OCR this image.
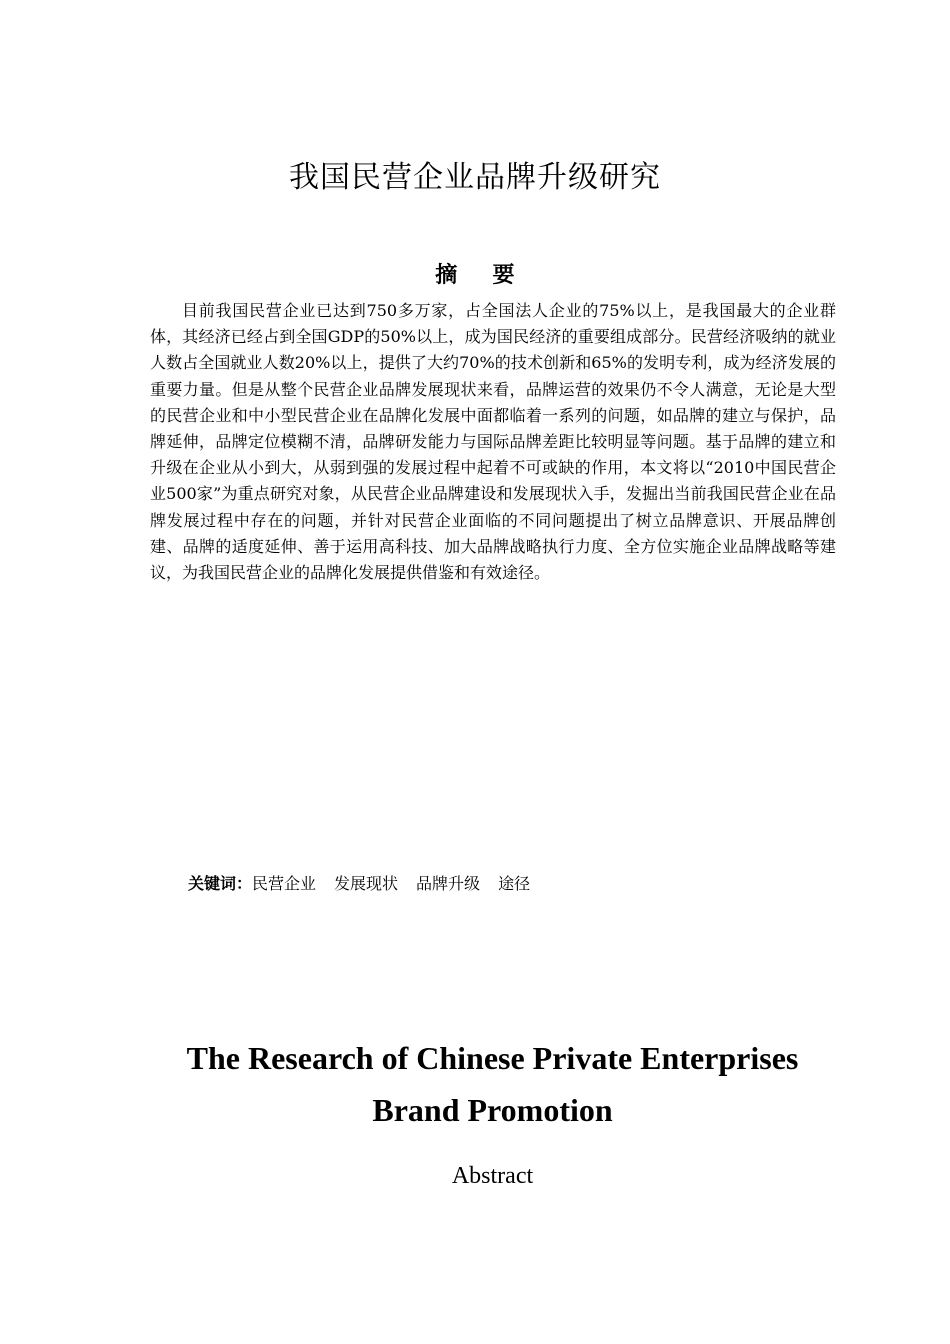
我国民营企业品牌升级研究
摘要

目前我国民营企业已达到750多万家，占全国法人企业的75%以上，是我国最大的企业群体，其经济已经占到全国GDP的50%以上，成为国民经济的重要组成部分。民营经济吸纳的就业人数占全国就业人数20%以上，提供了大约70%的技术创新和65%的发明专利，成为经济发展的重要力量。但是从整个民营企业品牌发展现状来看，品牌运营的效果仍不令人满意，无论是大型的民营企业和中小型民营企业在品牌化发展中面都临着一系列的问题，如品牌的建立与保护，品牌延伸，品牌定位模糊不清，品牌研发能力与国际品牌差距比较明显等问题。基于品牌的建立和升级在企业从小到大，从弱到强的发展过程中起着不可或缺的作用，本文将以“2010中国民营企业500家”为重点研究对象，从民营企业品牌建设和发展现状入手，发掘出当前我国民营企业在品牌发展过程中存在的问题，并针对民营企业面临的不同问题提出了树立品牌意识、开展品牌创建、品牌的适度延伸、善于运用高科技、加大品牌战略执行力度、全方位实施企业品牌战略等建议，为我国民营企业的品牌化发展提供借鉴和有效途径。

关键词：民营企业 发展现状 品牌升级 途径

The Research of Chinese Private Enterprises
Brand Promotion
Abstract
